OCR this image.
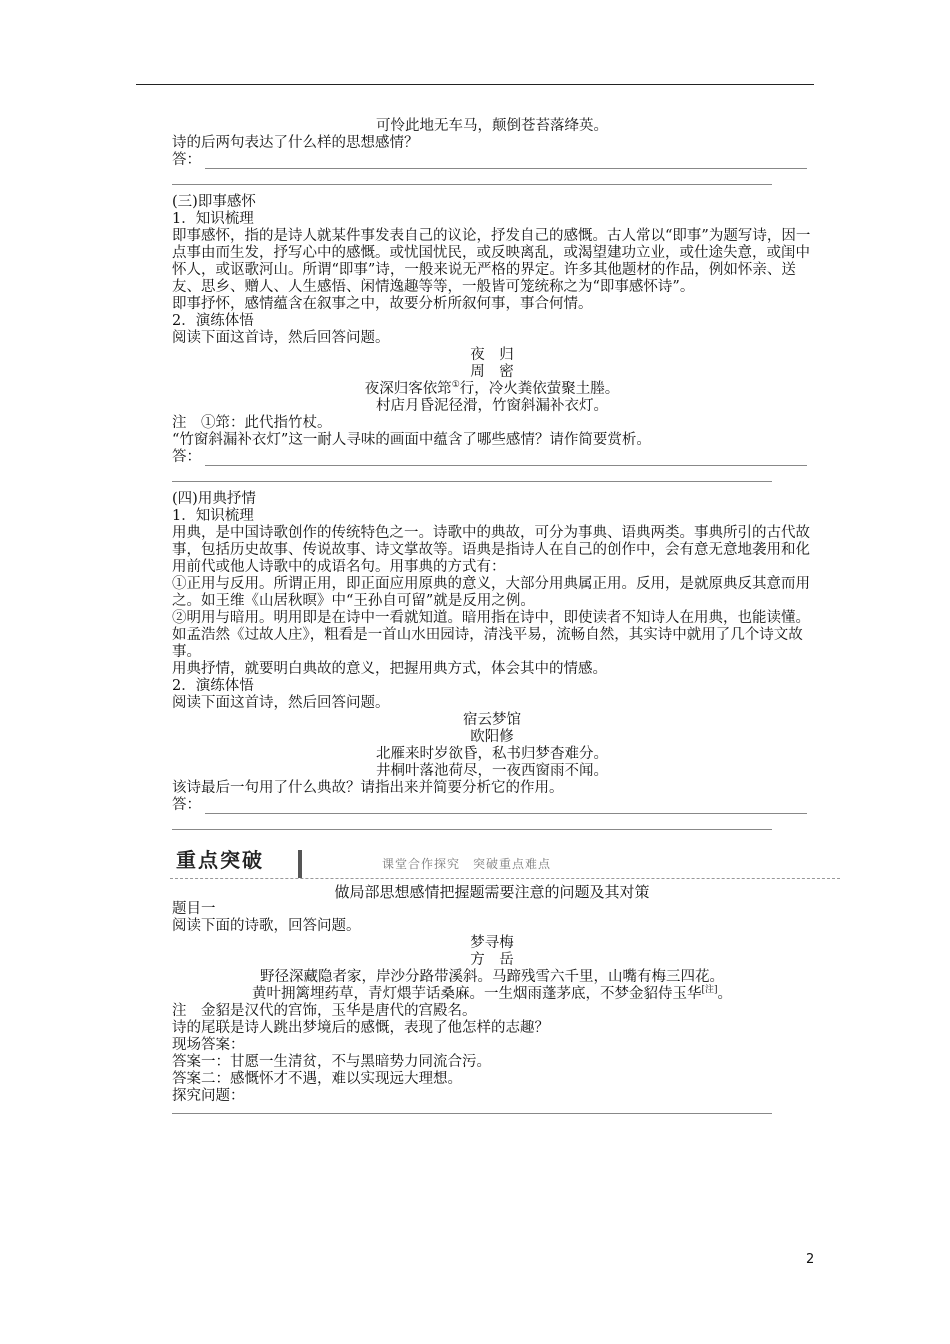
可怜此地无车马，颠倒苍苔落绛英。

诗的后两句表达了什么样的思想感情？

答：

(三)即事感怀

1．知识梳理

即事感怀，指的是诗人就某件事发表自己的议论，抒发自己的感慨。古人常以“即事”为题写诗，因一点事由而生发，抒写心中的感慨。或忧国忧民，或反映离乱，或渴望建功立业，或仕途失意，或闺中怀人，或讴歌河山。所谓“即事”诗，一般来说无严格的界定。许多其他题材的作品，例如怀亲、送友、思乡、赠人、人生感悟、闲情逸趣等等，一般皆可笼统称之为“即事感怀诗”。

即事抒怀，感情蕴含在叙事之中，故要分析所叙何事，事合何情。

2．演练体悟

阅读下面这首诗，然后回答问题。

夜　归

周　密

夜深归客依筇①行，冷火粪依萤聚土塍。

村店月昏泥径滑，竹窗斜漏补衣灯。

注　①筇：此代指竹杖。

“竹窗斜漏补衣灯”这一耐人寻味的画面中蕴含了哪些感情？请作简要赏析。

答：

(四)用典抒情

1．知识梳理

用典，是中国诗歌创作的传统特色之一。诗歌中的典故，可分为事典、语典两类。事典所引的古代故事，包括历史故事、传说故事、诗文掌故等。语典是指诗人在自己的创作中，会有意无意地袭用和化用前代或他人诗歌中的成语名句。用事典的方式有：

①正用与反用。所谓正用，即正面应用原典的意义，大部分用典属正用。反用，是就原典反其意而用之。如王维《山居秋暝》中“王孙自可留”就是反用之例。

②明用与暗用。明用即是在诗中一看就知道。暗用指在诗中，即使读者不知诗人在用典，也能读懂。如孟浩然《过故人庄》，粗看是一首山水田园诗，清浅平易，流畅自然，其实诗中就用了几个诗文故事。

用典抒情，就要明白典故的意义，把握用典方式，体会其中的情感。

2．演练体悟

阅读下面这首诗，然后回答问题。

宿云梦馆

欧阳修

北雁来时岁欲昏，私书归梦杳难分。

井桐叶落池荷尽，一夜西窗雨不闻。

该诗最后一句用了什么典故？请指出来并简要分析它的作用。

答：
重点突破	课堂合作探究　突破重点难点

做局部思想感情把握题需要注意的问题及其对策

题目一

阅读下面的诗歌，回答问题。

梦寻梅

方　岳

野径深藏隐者家，岸沙分路带溪斜。马蹄残雪六千里，山嘴有梅三四花。

黄叶拥篱埋药草，青灯煨芋话桑麻。一生烟雨蓬茅底，不梦金貂侍玉华[注]。

注　金貂是汉代的宫饰，玉华是唐代的宫殿名。

诗的尾联是诗人跳出梦境后的感慨，表现了他怎样的志趣？

现场答案：

答案一：甘愿一生清贫，不与黑暗势力同流合污。

答案二：感慨怀才不遇，难以实现远大理想。

探究问题：

2
